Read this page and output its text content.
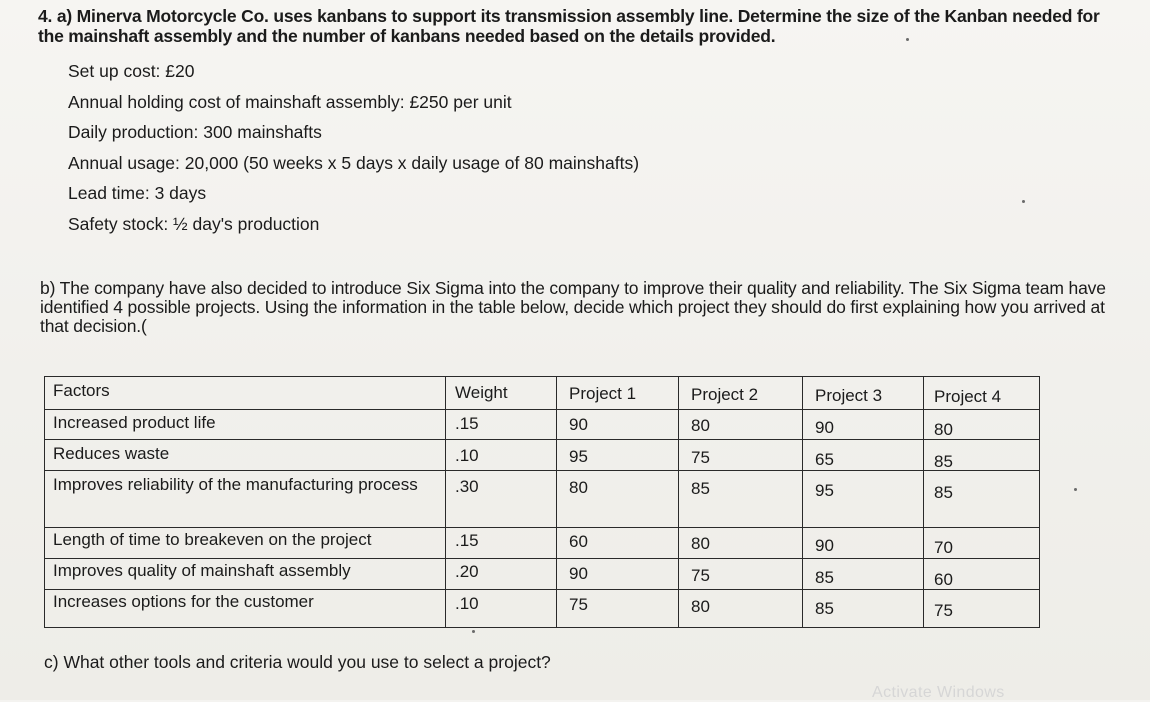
4. a) Minerva Motorcycle Co. uses kanbans to support its transmission assembly line. Determine the size of the Kanban needed for the mainshaft assembly and the number of kanbans needed based on the details provided.
Set up cost: £20
Annual holding cost of mainshaft assembly: £250 per unit
Daily production: 300 mainshafts
Annual usage: 20,000 (50 weeks x 5 days x daily usage of 80 mainshafts)
Lead time: 3 days
Safety stock: ½ day's production
b) The company have also decided to introduce Six Sigma into the company to improve their quality and reliability. The Six Sigma team have identified 4 possible projects. Using the information in the table below, decide which project they should do first explaining how you arrived at that decision.(
Factors	Weight	Project 1	Project 2	Project 3	Project 4
Increased product life	.15	90	80	90	80
Reduces waste	.10	95	75	65	85
Improves reliability of the manufacturing process	.30	80	85	95	85
Length of time to breakeven on the project	.15	60	80	90	70
Improves quality of mainshaft assembly	.20	90	75	85	60
Increases options for the customer	.10	75	80	85	75
c) What other tools and criteria would you use to select a project?
Activate Windows
